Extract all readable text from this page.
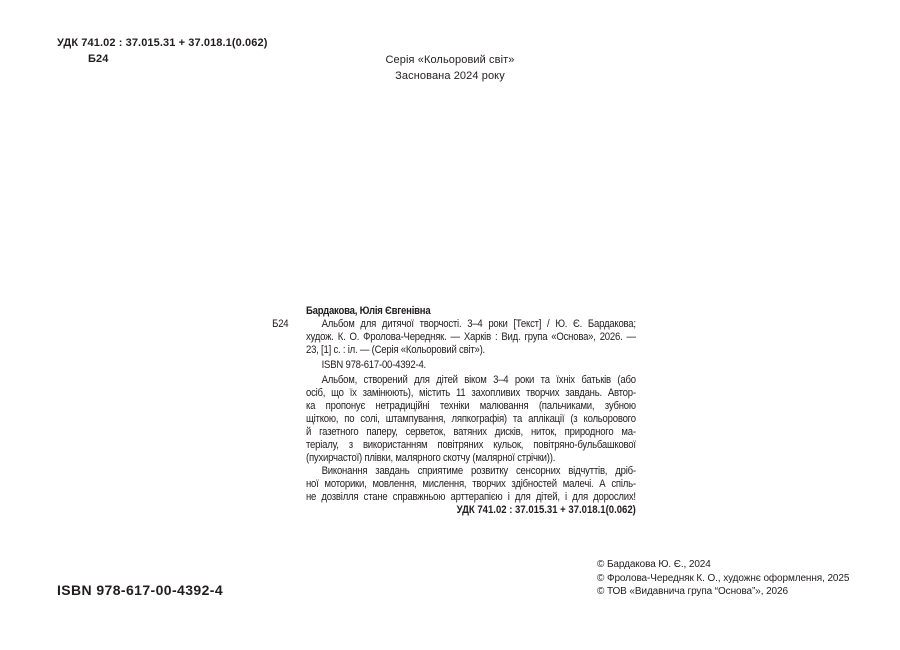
УДК 741.02 : 37.015.31 + 37.018.1(0.062)
Б24	Серія «Кольоровий світ»
Заснована 2024 року
Б24
Бардакова, Юлія Євгенівна
Альбом для дитячої творчості. 3–4 роки [Текст] / Ю. Є. Бардакова;
худож. К. О. Фролова-Чередняк. — Харків : Вид. група «Основа», 2026. —
23, [1] с. : іл. — (Серія «Кольоровий світ»).
ISBN 978-617-00-4392-4.
Альбом, створений для дітей віком 3–4 роки та їхніх батьків (або
осіб, що їх замінюють), містить 11 захопливих творчих завдань. Автор-
ка пропонує нетрадиційні техніки малювання (пальчиками, зубною
щіткою, по солі, штампування, ляпкографія) та аплікації (з кольорового
й газетного паперу, серветок, ватяних дисків, ниток, природного ма-
теріалу, з використанням повітряних кульок, повітряно-бульбашкової
(пухирчастої) плівки, малярного скотчу (малярної стрічки)).
Виконання завдань сприятиме розвитку сенсорних відчуттів, дріб-
ної моторики, мовлення, мислення, творчих здібностей малечі. А спіль-
не дозвілля стане справжньою арттерапією і для дітей, і для дорослих!
УДК 741.02 : 37.015.31 + 37.018.1(0.062)
ISBN 978-617-00-4392-4
© Бардакова Ю. Є., 2024
© Фролова-Чередняк К. О., художнє оформлення, 2025
© ТОВ «Видавнича група “Основа”», 2026
